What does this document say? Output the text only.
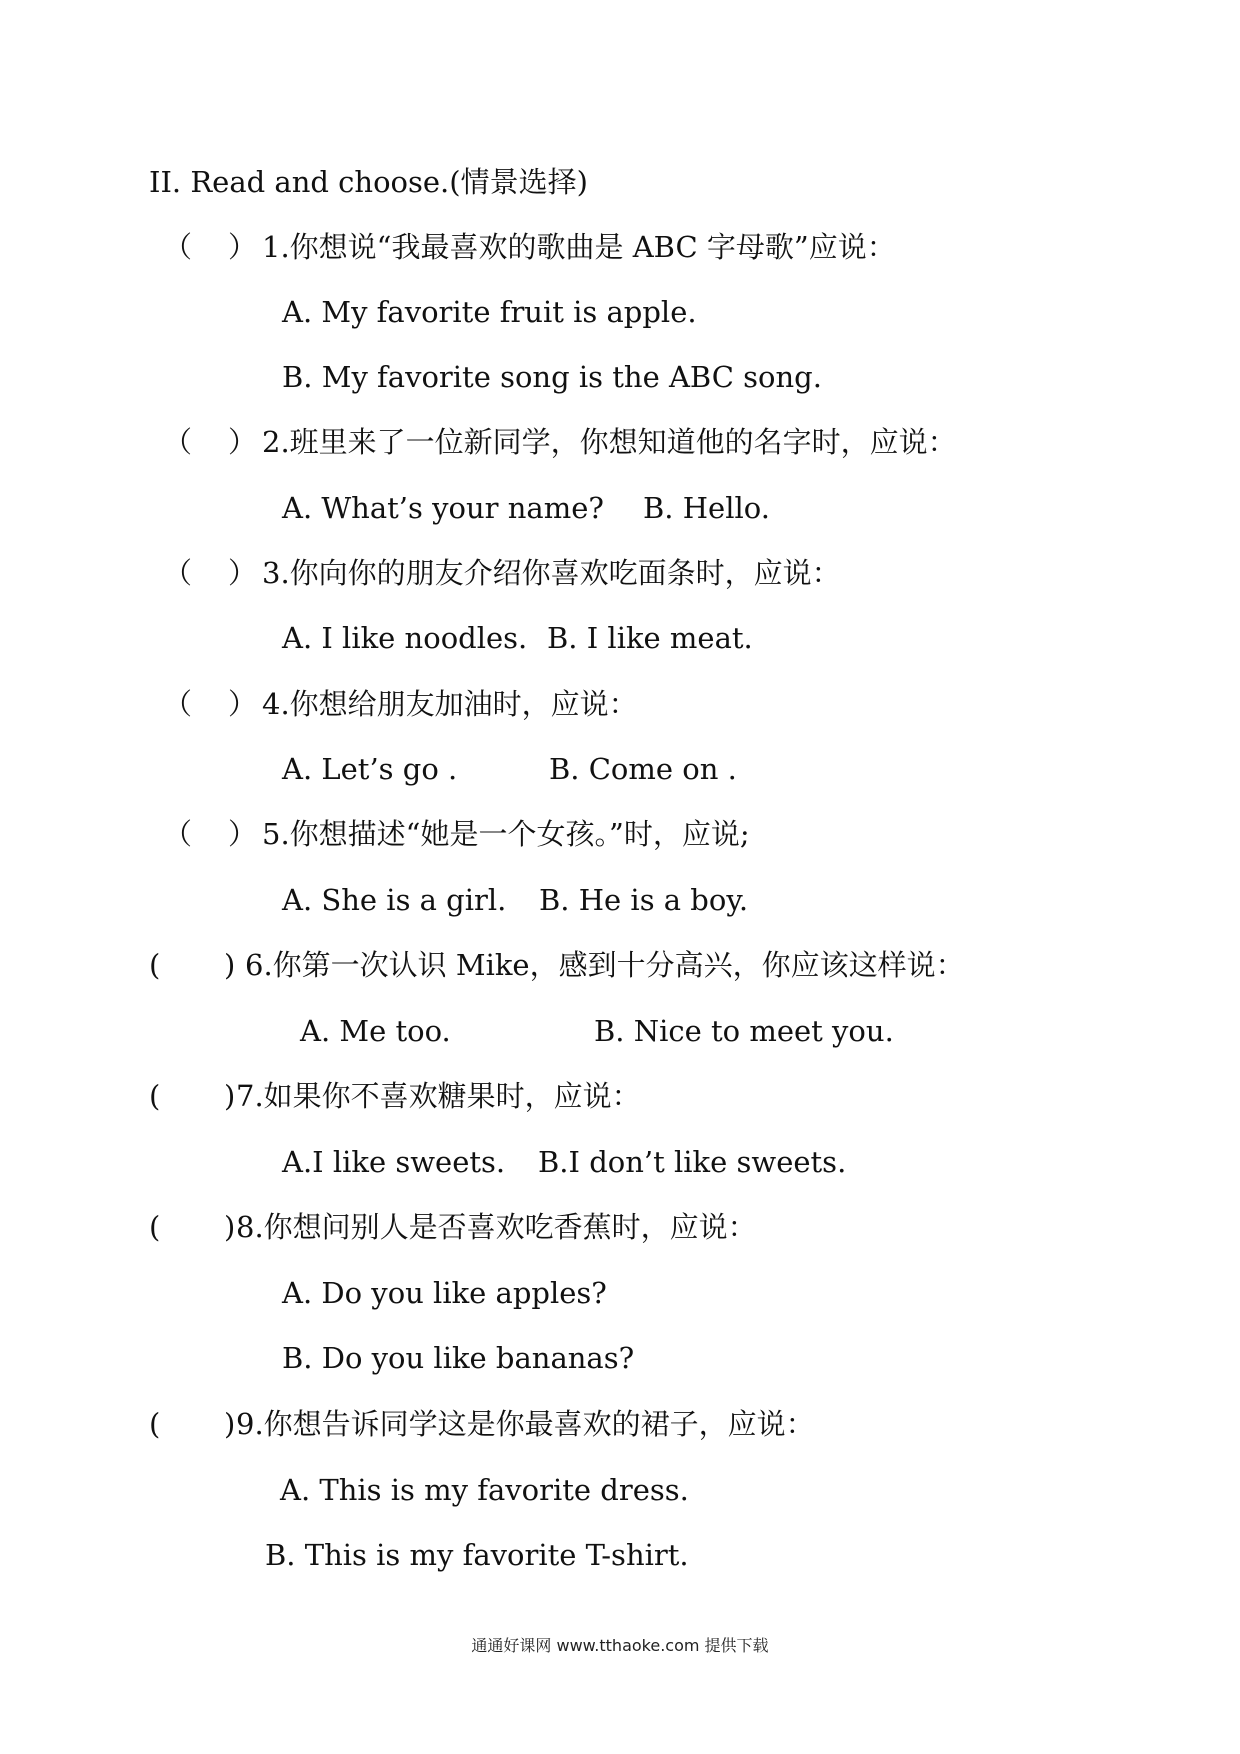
II. Read and choose.(情景选择)
（ ） 1.你想说“我最喜欢的歌曲是 ABC 字母歌”应说：
A. My favorite fruit is apple.
B. My favorite song is the ABC song.
（ ） 2.班里来了一位新同学，你想知道他的名字时，应说：
A. What’s your name? B. Hello.
（ ） 3.你向你的朋友介绍你喜欢吃面条时，应说：
A. I like noodles. B. I like meat.
（ ） 4.你想给朋友加油时，应说：
A. Let’s go .	B. Come on .
（ ） 5.你想描述“她是一个女孩。”时，应说;
A. She is a girl. B. He is a boy.
( ) 6.你第一次认识 Mike，感到十分高兴，你应该这样说：
A. Me too.	B. Nice to meet you.
( ) 7.如果你不喜欢糖果时，应说：
A.I like sweets. B.I don’t like sweets.
( ) 8.你想问别人是否喜欢吃香蕉时，应说：
A. Do you like apples?
B. Do you like bananas?
( ) 9.你想告诉同学这是你最喜欢的裙子，应说：
A. This is my favorite dress.
B. This is my favorite T-shirt.
通通好课网 www.tthaoke.com 提供下载
